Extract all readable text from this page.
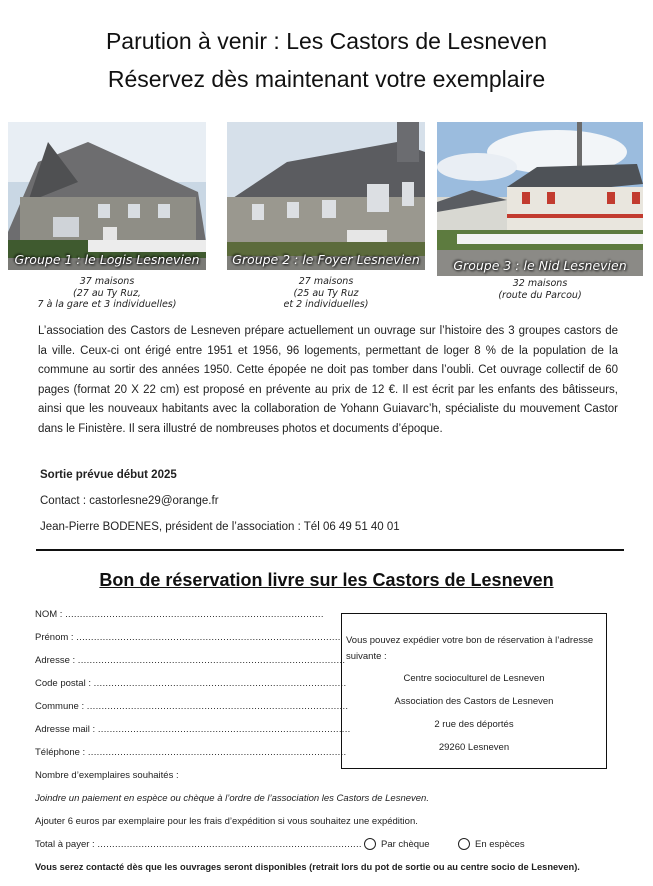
Parution à venir : Les Castors de Lesneven
Réservez dès maintenant votre exemplaire
Groupe 1 : le Logis Lesnevien	Groupe 2 : le Foyer Lesnevien	Groupe 3 : le Nid Lesnevien
37 maisons
(27 au Ty Ruz,
7 à la gare et 3 individuelles)
27 maisons
(25 au Ty Ruz
et 2 individuelles)
32 maisons
(route du Parcou)
L’association des Castors de Lesneven prépare actuellement un ouvrage sur l’histoire des 3 groupes castors de la ville. Ceux-ci ont érigé entre 1951 et 1956, 96 logements, permettant de loger 8 % de la population de la commune au sortir des années 1950. Cette épopée ne doit pas tomber dans l’oubli. Cet ouvrage collectif de 60 pages (format 20 X 22 cm) est proposé en prévente au prix de 12 €. Il est écrit par les enfants des bâtisseurs, ainsi que les nouveaux habitants avec la collaboration de Yohann Guiavarc’h, spécialiste du mouvement Castor dans le Finistère. Il sera illustré de nombreuses photos et documents d’époque.
Sortie prévue début 2025
Contact : castorlesne29@orange.fr
Jean-Pierre BODENES, président de l’association : Tél 06 49 51 40 01
Bon de réservation livre sur les Castors de Lesneven
NOM : ........................................................................................
Prénom : ..........................................................................................
Adresse : ...........................................................................................
Code postal : ......................................................................................
Commune : .........................................................................................
Adresse mail : ......................................................................................
Téléphone : ........................................................................................
Vous pouvez expédier votre bon de réservation à l’adresse suivante :
Centre socioculturel de Lesneven
Association des Castors de Lesneven
2 rue des déportés
29260 Lesneven
Nombre d’exemplaires souhaités :
Joindre un paiement en espèce ou chèque à l’ordre de l’association les Castors de Lesneven.
Ajouter 6 euros par exemplaire pour les frais d’expédition si vous souhaitez une expédition.
Total à payer : .......................................................................................... Par chèque	En espèces
Vous serez contacté dès que les ouvrages seront disponibles (retrait lors du pot de sortie ou au centre socio de Lesneven).
